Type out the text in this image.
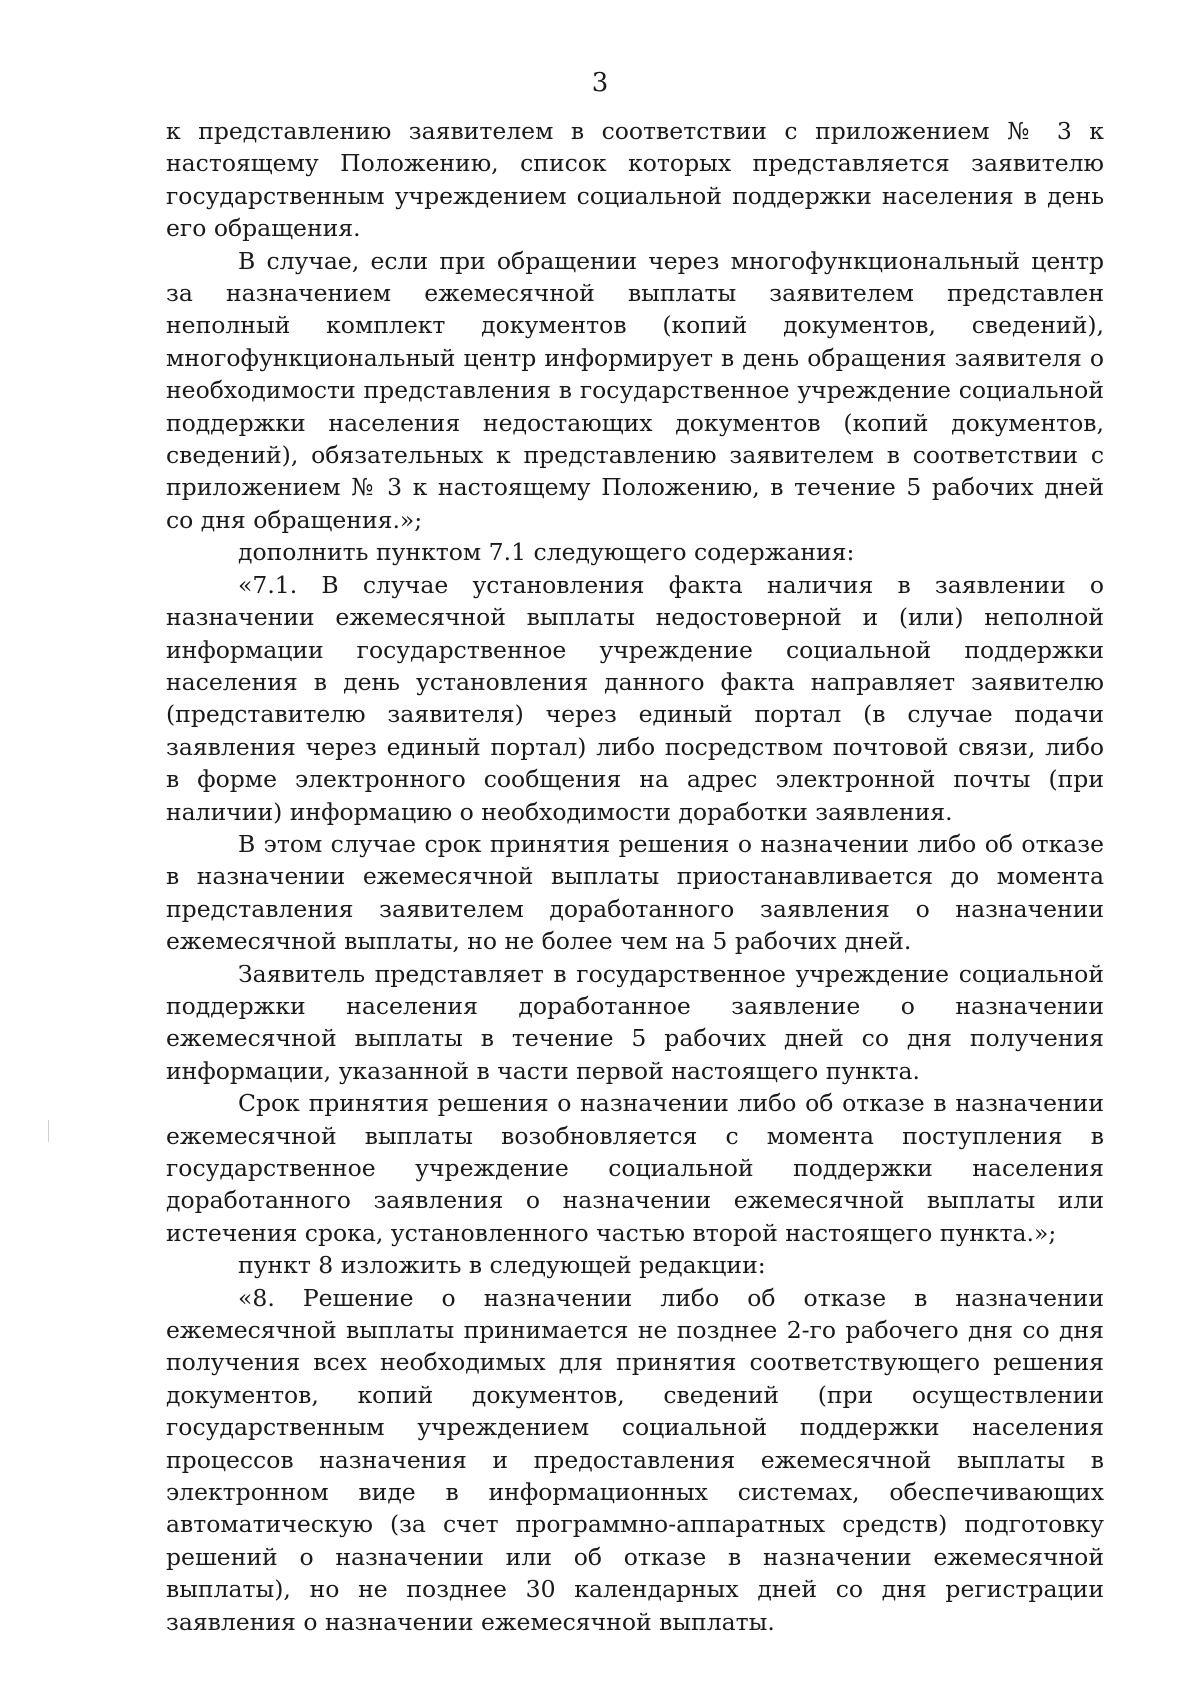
3

к представлению заявителем в соответствии с приложением № 3 к настоящему Положению, список которых представляется заявителю государственным учреждением социальной поддержки населения в день его обращения.

В случае, если при обращении через многофункциональный центр за назначением ежемесячной выплаты заявителем представлен неполный комплект документов (копий документов, сведений), многофункциональный центр информирует в день обращения заявителя о необходимости представления в государственное учреждение социальной поддержки населения недостающих документов (копий документов, сведений), обязательных к представлению заявителем в соответствии с приложением № 3 к настоящему Положению, в течение 5 рабочих дней со дня обращения.»;

дополнить пунктом 7.1 следующего содержания:

«7.1. В случае установления факта наличия в заявлении о назначении ежемесячной выплаты недостоверной и (или) неполной информации государственное учреждение социальной поддержки населения в день установления данного факта направляет заявителю (представителю заявителя) через единый портал (в случае подачи заявления через единый портал) либо посредством почтовой связи, либо в форме электронного сообщения на адрес электронной почты (при наличии) информацию о необходимости доработки заявления.

В этом случае срок принятия решения о назначении либо об отказе в назначении ежемесячной выплаты приостанавливается до момента представления заявителем доработанного заявления о назначении ежемесячной выплаты, но не более чем на 5 рабочих дней.

Заявитель представляет в государственное учреждение социальной поддержки населения доработанное заявление о назначении ежемесячной выплаты в течение 5 рабочих дней со дня получения информации, указанной в части первой настоящего пункта.

Срок принятия решения о назначении либо об отказе в назначении ежемесячной выплаты возобновляется с момента поступления в государственное учреждение социальной поддержки населения доработанного заявления о назначении ежемесячной выплаты или истечения срока, установленного частью второй настоящего пункта.»;

пункт 8 изложить в следующей редакции:

«8. Решение о назначении либо об отказе в назначении ежемесячной выплаты принимается не позднее 2-го рабочего дня со дня получения всех необходимых для принятия соответствующего решения документов, копий документов, сведений (при осуществлении государственным учреждением социальной поддержки населения процессов назначения и предоставления ежемесячной выплаты в электронном виде в информационных системах, обеспечивающих автоматическую (за счет программно-аппаратных средств) подготовку решений о назначении или об отказе в назначении ежемесячной выплаты), но не позднее 30 календарных дней со дня регистрации заявления о назначении ежемесячной выплаты.
